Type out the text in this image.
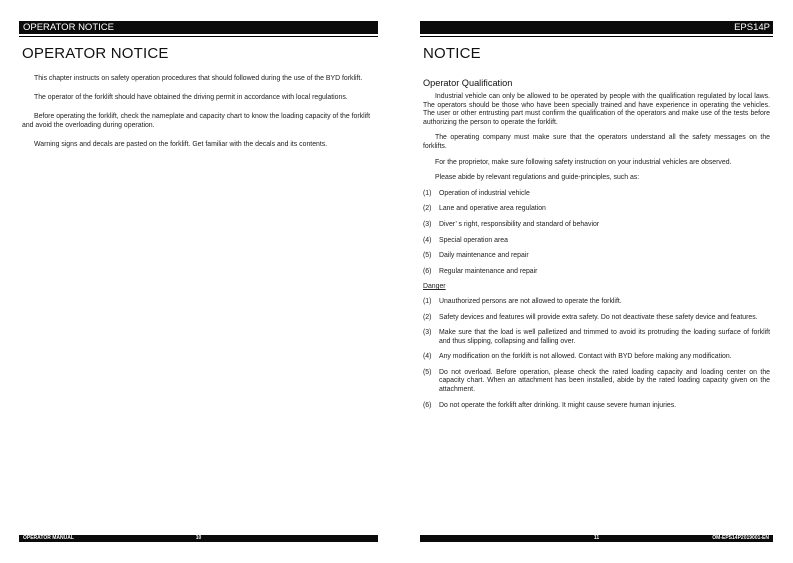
OPERATOR NOTICE
OPERATOR NOTICE

This chapter instructs on safety operation procedures that should followed during the use of the BYD forklift.

The operator of the forklift should have obtained the driving permit in accordance with local regulations.

Before operating the forklift, check the nameplate and capacity chart to know the loading capacity of the forklift and avoid the overloading during operation.

Warning signs and decals are pasted on the forklift. Get familiar with the decals and its contents.

OPERATOR MANUAL	10
EPS14P
NOTICE
Operator Qualification

Industrial vehicle can only be allowed to be operated by people with the qualification regulated by local laws. The operators should be those who have been specially trained and have experience in operating the vehicles. The user or other entrusting part must confirm the qualification of the operators and make use of the tests before authorizing the person to operate the forklift.

The operating company must make sure that the operators understand all the safety messages on the forklifts.

For the proprietor, make sure following safety instruction on your industrial vehicles are observed.

Please abide by relevant regulations and guide-principles, such as:

(1)	Operation of industrial vehicle
(2)	Lane and operative area regulation
(3)	Diver’ s right, responsibility and standard of behavior
(4)	Special operation area
(5)	Daily maintenance and repair
(6)	Regular maintenance and repair
Danger
(1)	Unauthorized persons are not allowed to operate the forklift.
(2)	Safety devices and features will provide extra safety. Do not deactivate these safety device and features.
(3)	Make sure that the load is well palletized and trimmed to avoid its protruding the loading surface of forklift and thus slipping, collapsing and falling over.
(4)	Any modification on the forklift is not allowed. Contact with BYD before making any modification.
(5)	Do not overload. Before operation, please check the rated loading capacity and loading center on the capacity chart. When an attachment has been installed, abide by the rated loading capacity given on the attachment.
(6)	Do not operate the forklift after drinking. It might cause severe human injuries.
11	OM-EPS14P2019001-EN
